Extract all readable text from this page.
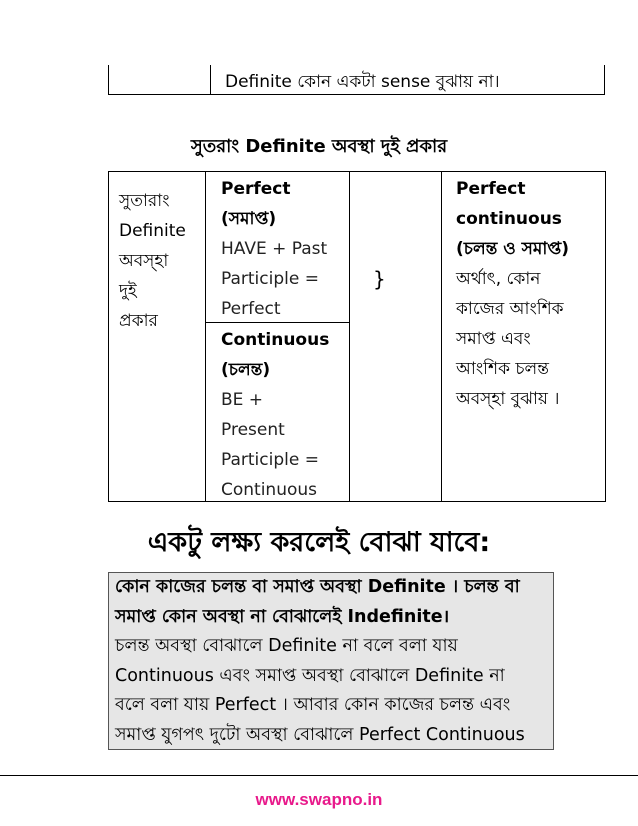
Definite কোন একটা sense বুঝায় না।
সুতরাং Definite অবস্থা দুই প্রকার
সুতারাং
Definite
অবস্হা
দুই
প্রকার
Perfect
(সমাপ্ত)
HAVE + Past
Participle =
Perfect
Continuous
(চলন্ত)
BE +
Present
Participle =
Continuous
}
Perfect
continuous
(চলন্ত ও সমাপ্ত)
অর্থাৎ, কোন
কাজের আংশিক
সমাপ্ত এবং
আংশিক চলন্ত
অবস্হা বুঝায় ।
একটু লক্ষ্য করলেই বোঝা যাবে:

কোন কাজের চলন্ত বা সমাপ্ত অবস্থা Definite । চলন্ত বা

সমাপ্ত কোন অবস্থা না বোঝালেই Indefinite।

চলন্ত অবস্থা বোঝালে Definite না বলে বলা যায়

Continuous এবং সমাপ্ত অবস্থা বোঝালে Definite না

বলে বলা যায় Perfect । আবার কোন কাজের চলন্ত এবং

সমাপ্ত যুগপৎ দুটো অবস্থা বোঝালে Perfect Continuous

www.swapno.in
